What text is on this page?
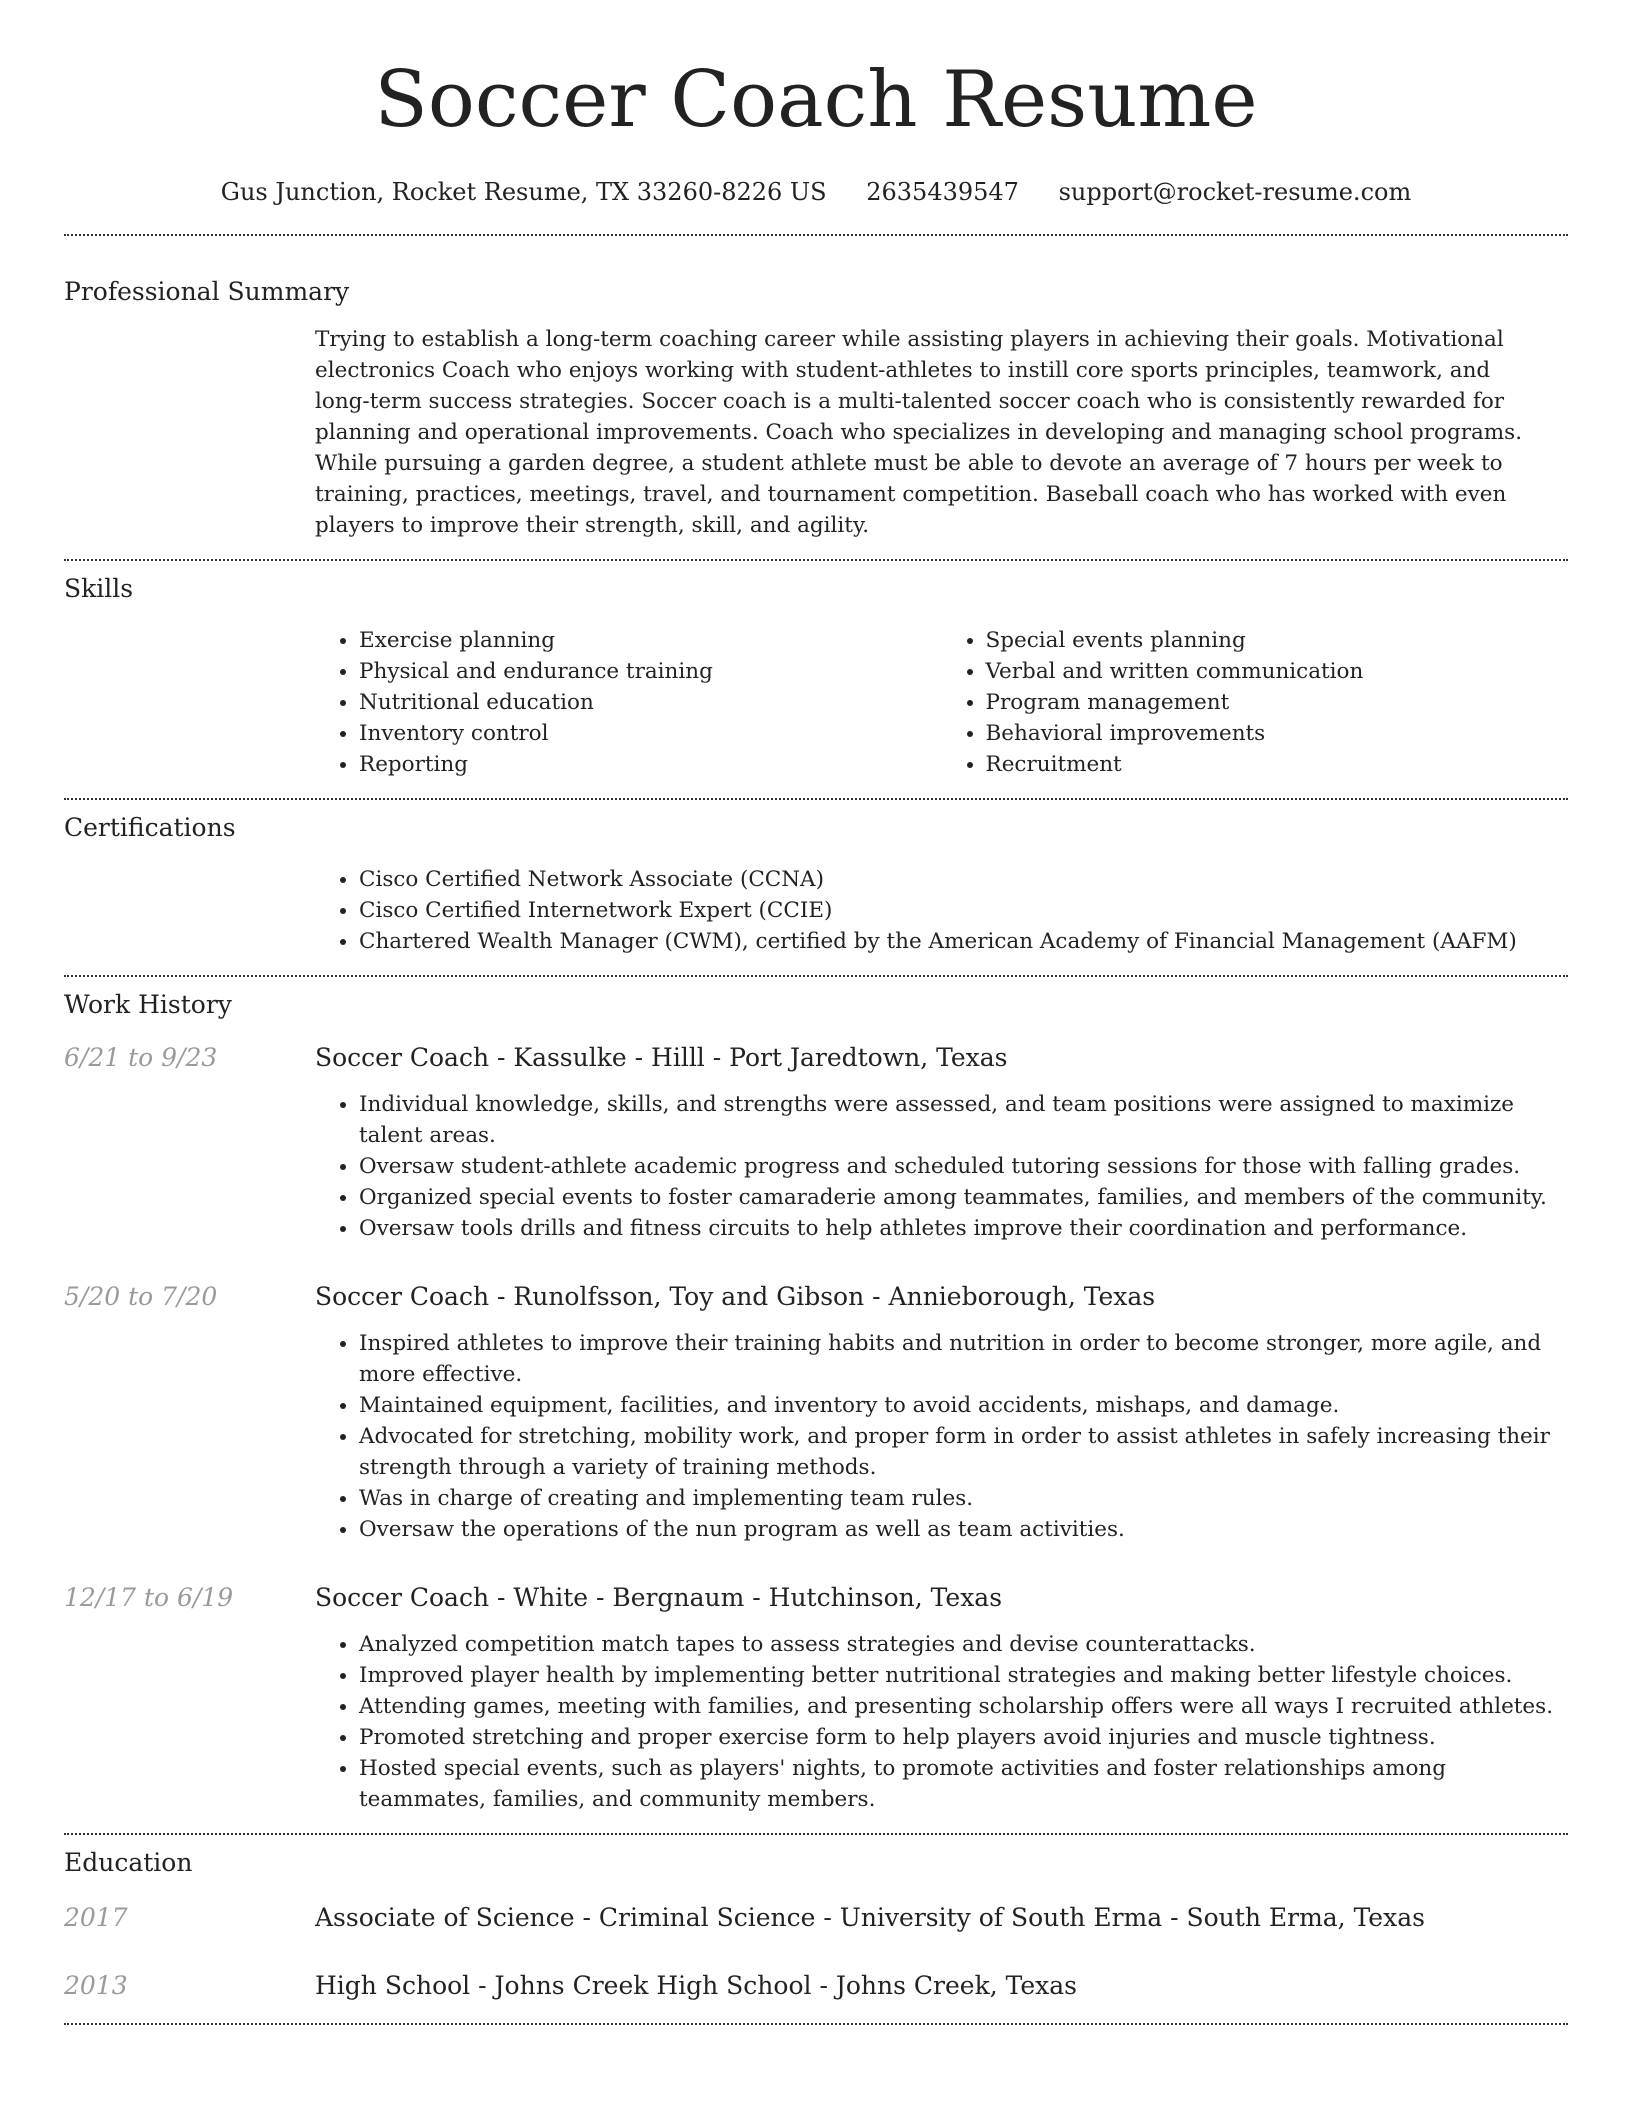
Soccer Coach Resume
Gus Junction, Rocket Resume, TX 33260-8226 US 2635439547 support@rocket-resume.com
Professional Summary
Trying to establish a long-term coaching career while assisting players in achieving their goals. Motivational electronics Coach who enjoys working with student-athletes to instill core sports principles, teamwork, and long-term success strategies. Soccer coach is a multi-talented soccer coach who is consistently rewarded for planning and operational improvements. Coach who specializes in developing and managing school programs. While pursuing a garden degree, a student athlete must be able to devote an average of 7 hours per week to training, practices, meetings, travel, and tournament competition. Baseball coach who has worked with even players to improve their strength, skill, and agility.
Skills
• Exercise planning
• Physical and endurance training
• Nutritional education
• Inventory control
• Reporting
• Special events planning
• Verbal and written communication
• Program management
• Behavioral improvements
• Recruitment
Certifications
• Cisco Certified Network Associate (CCNA)
• Cisco Certified Internetwork Expert (CCIE)
• Chartered Wealth Manager (CWM), certified by the American Academy of Financial Management (AAFM)
Work History
6/21 to 9/23	Soccer Coach - Kassulke - Hilll - Port Jaredtown, Texas
• Individual knowledge, skills, and strengths were assessed, and team positions were assigned to maximize talent areas.
• Oversaw student-athlete academic progress and scheduled tutoring sessions for those with falling grades.
• Organized special events to foster camaraderie among teammates, families, and members of the community.
• Oversaw tools drills and fitness circuits to help athletes improve their coordination and performance.
5/20 to 7/20	Soccer Coach - Runolfsson, Toy and Gibson - Annieborough, Texas
• Inspired athletes to improve their training habits and nutrition in order to become stronger, more agile, and more effective.
• Maintained equipment, facilities, and inventory to avoid accidents, mishaps, and damage.
• Advocated for stretching, mobility work, and proper form in order to assist athletes in safely increasing their strength through a variety of training methods.
• Was in charge of creating and implementing team rules.
• Oversaw the operations of the nun program as well as team activities.
12/17 to 6/19	Soccer Coach - White - Bergnaum - Hutchinson, Texas
• Analyzed competition match tapes to assess strategies and devise counterattacks.
• Improved player health by implementing better nutritional strategies and making better lifestyle choices.
• Attending games, meeting with families, and presenting scholarship offers were all ways I recruited athletes.
• Promoted stretching and proper exercise form to help players avoid injuries and muscle tightness.
• Hosted special events, such as players' nights, to promote activities and foster relationships among teammates, families, and community members.
Education
2017	Associate of Science - Criminal Science - University of South Erma - South Erma, Texas
2013	High School - Johns Creek High School - Johns Creek, Texas
